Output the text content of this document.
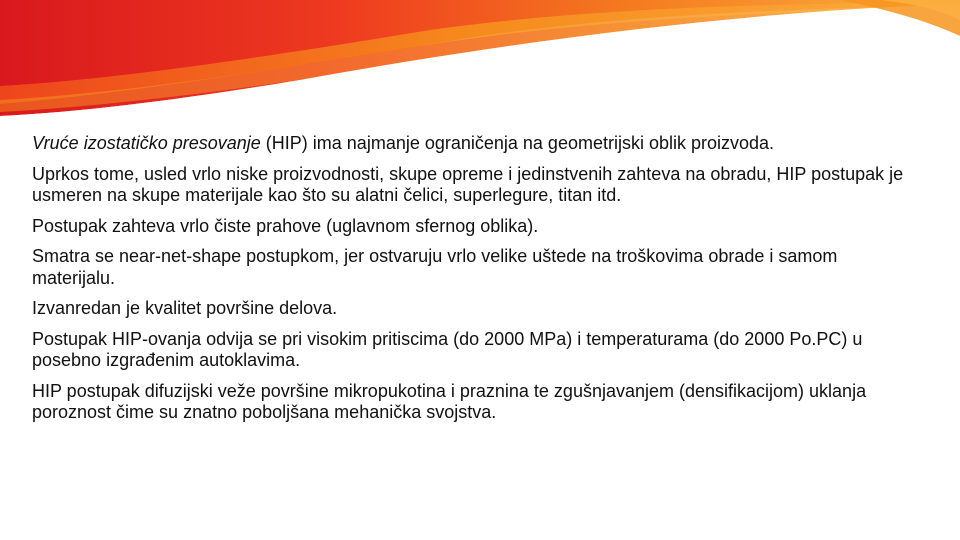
Vruće izostatičko presovanje (HIP) ima najmanje ograničenja na geometrijski oblik proizvoda.

Uprkos tome, usled vrlo niske proizvodnosti, skupe opreme i jedinstvenih zahteva na obradu, HIP postupak je usmeren na skupe materijale kao što su alatni čelici, superlegure, titan itd.

Postupak zahteva vrlo čiste prahove (uglavnom sfernog oblika).

Smatra se near-net-shape postupkom, jer ostvaruju vrlo velike uštede na troškovima obrade i samom materijalu.

Izvanredan je kvalitet površine delova.

Postupak HIP-ovanja odvija se pri visokim pritiscima (do 2000 MPa) i temperaturama (do 2000 Po.PC) u posebno izgrađenim autoklavima.

HIP postupak difuzijski veže površine mikropukotina i praznina te zgušnjavanjem (densifikacijom) uklanja poroznost čime su znatno poboljšana mehanička svojstva.
